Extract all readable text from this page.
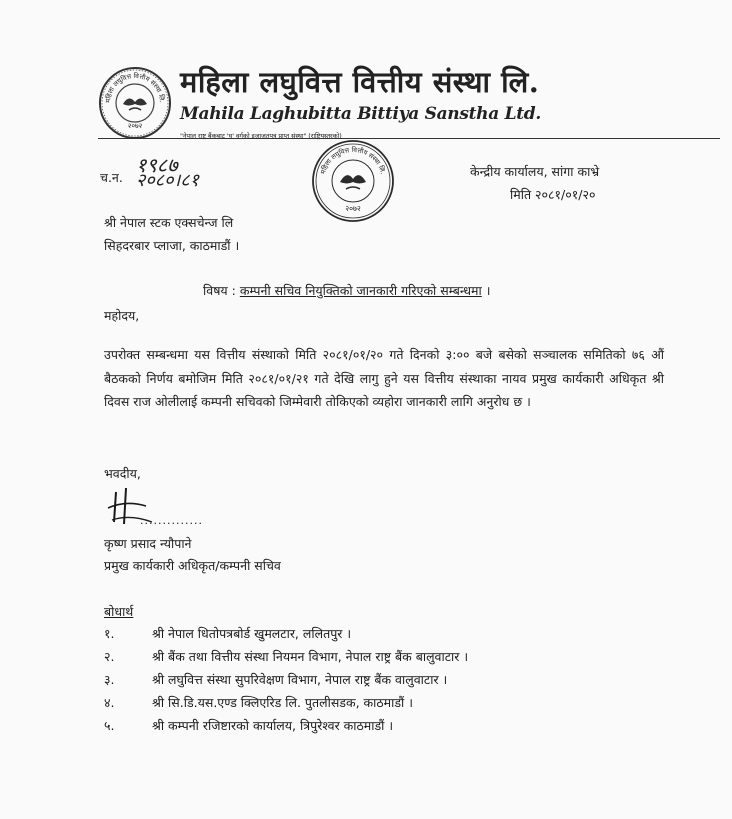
महिला लघुवित्त वित्तीय संस्था लि.
२०७२
महिला लघुवित्त वित्तीय संस्था लि.
Mahila Laghubitta Bittiya Sanstha Ltd.
"नेपाल राष्ट्र बैंकबाट 'घ' वर्गको इजाजतपत्र प्राप्त संस्था" (राष्ट्रियस्तरको)
महिला लघुवित्त वित्तीय संस्था लि.
२०७२
च.न.
१९८७
२०८०।८१	केन्द्रीय कार्यालय, सांगा काभ्रे
मिति २०८१/०१/२०
श्री नेपाल स्टक एक्सचेन्ज लि
सिहदरबार प्लाजा, काठमाडौं ।
विषय : कम्पनी सचिव नियुक्तिको जानकारी गरिएको सम्बन्धमा ।
महोदय,
उपरोक्त सम्बन्धमा यस वित्तीय संस्थाको मिति २०८१/०१/२० गते दिनको ३:०० बजे बसेको सञ्चालक समितिको ७६ औं बैठकको निर्णय बमोजिम मिति २०८१/०१/२१ गते देखि लागु हुने यस वित्तीय संस्थाका नायव प्रमुख कार्यकारी अधिकृत श्री दिवस राज ओलीलाई कम्पनी सचिवको जिम्मेवारी तोकिएको व्यहोरा जानकारी लागि अनुरोध छ ।
भवदीय,
..............
कृष्ण प्रसाद न्यौपाने
प्रमुख कार्यकारी अधिकृत/कम्पनी सचिव
बोधार्थ
१.	श्री नेपाल धितोपत्रबोर्ड खुमलटार, ललितपुर ।
२.	श्री बैंक तथा वित्तीय संस्था नियमन विभाग, नेपाल राष्ट्र बैंक बालुवाटार ।
३.	श्री लघुवित्त संस्था सुपरिवेक्षण विभाग, नेपाल राष्ट्र बैंक वालुवाटार ।
४.	श्री सि.डि.यस.एण्ड क्लिएरिड लि. पुतलीसडक, काठमाडौं ।
५.	श्री कम्पनी रजिष्टारको कार्यालय, त्रिपुरेश्वर काठमाडौं ।
